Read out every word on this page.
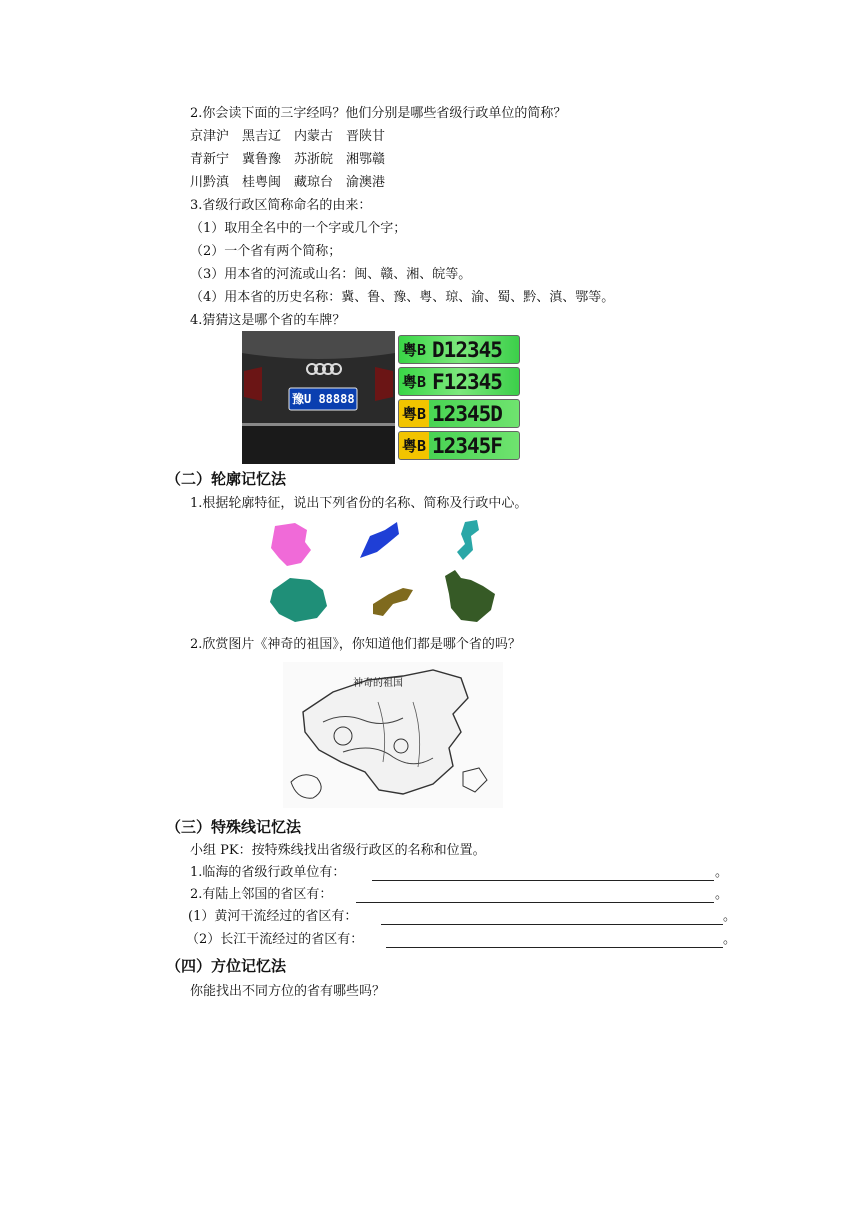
2.你会读下面的三字经吗？他们分别是哪些省级行政单位的简称？
京津沪　黑吉辽　内蒙古　晋陕甘
青新宁　冀鲁豫　苏浙皖　湘鄂赣
川黔滇　桂粤闽　藏琼台　渝澳港
3.省级行政区简称命名的由来：
（1）取用全名中的一个字或几个字；
（2）一个省有两个简称；
（3）用本省的河流或山名：闽、赣、湘、皖等。
（4）用本省的历史名称：冀、鲁、豫、粤、琼、渝、蜀、黔、滇、鄂等。
4.猜猜这是哪个省的车牌？
豫U 88888
粤B D12345
粤B F12345
粤B 12345D
粤B 12345F
（二）轮廓记忆法
1.根据轮廓特征，说出下列省份的名称、简称及行政中心。
2.欣赏图片《神奇的祖国》，你知道他们都是哪个省的吗？
神奇的祖国
（三）特殊线记忆法
小组 PK：按特殊线找出省级行政区的名称和位置。
1.临海的省级行政单位有：	。
2.有陆上邻国的省区有：	。
(1）黄河干流经过的省区有：	。
（2）长江干流经过的省区有：	。
（四）方位记忆法
你能找出不同方位的省有哪些吗？
